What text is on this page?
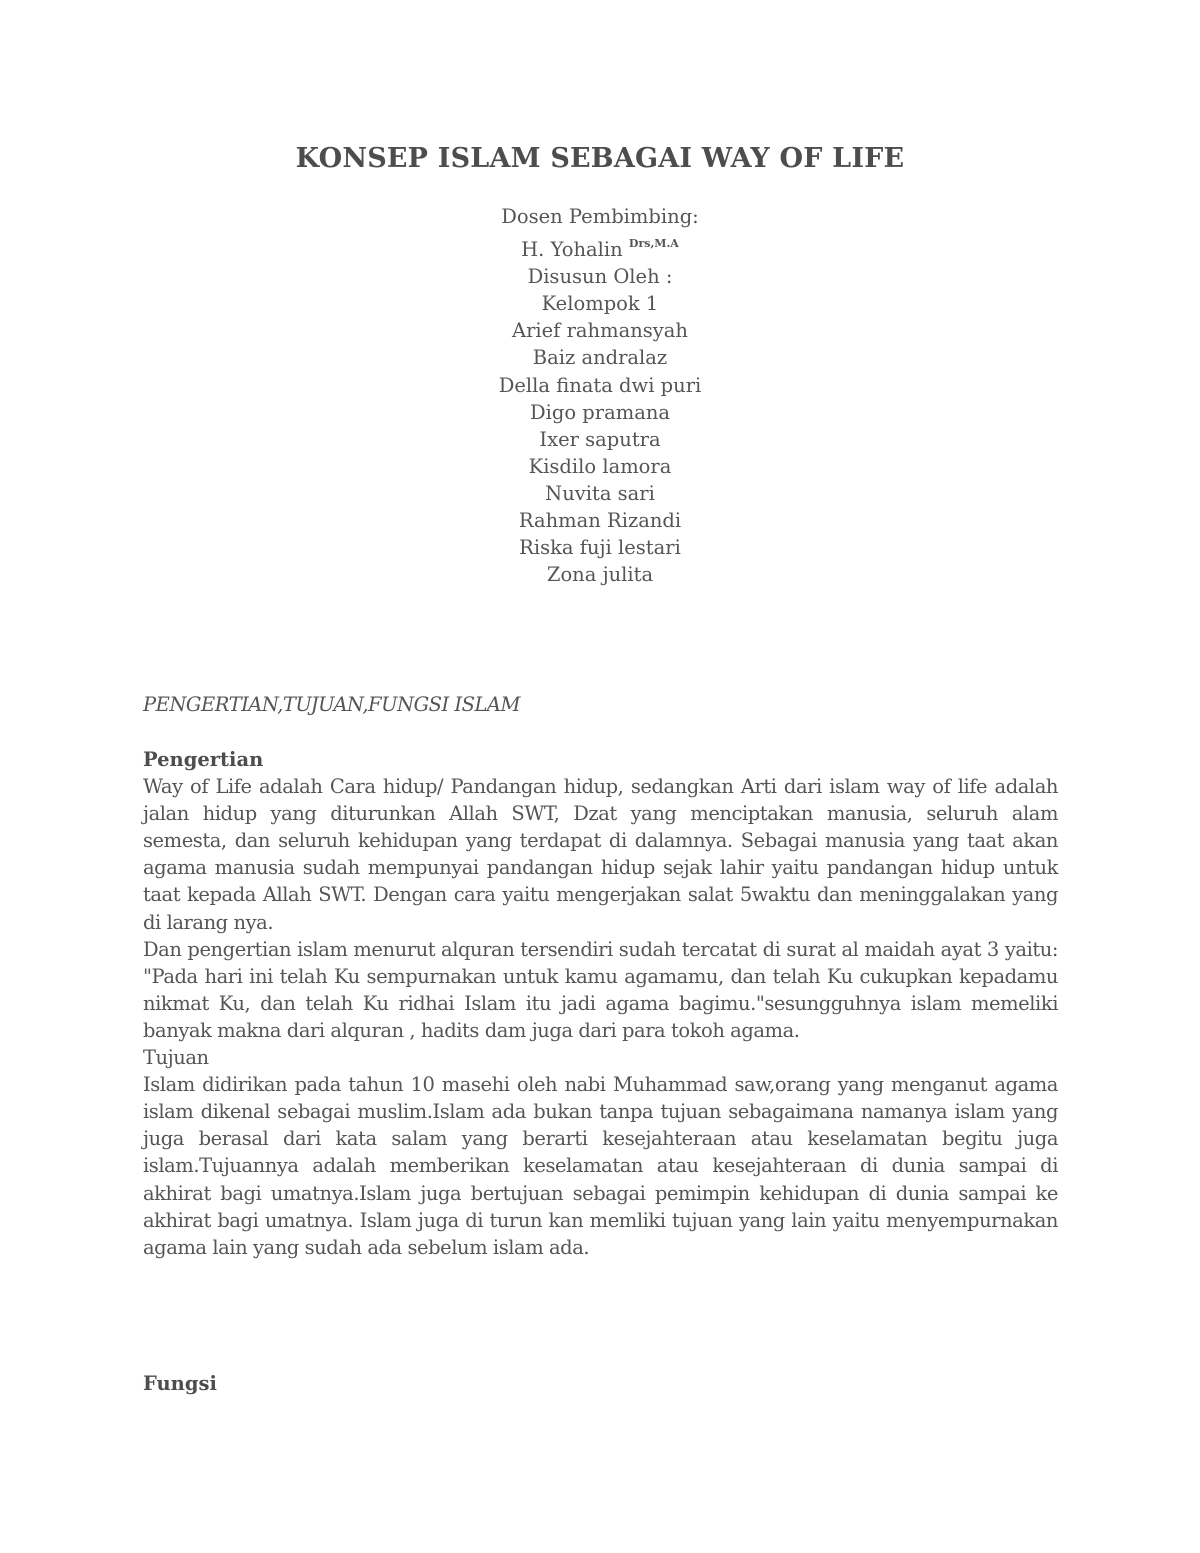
KONSEP ISLAM SEBAGAI WAY OF LIFE
Dosen Pembimbing:
H. Yohalin $^{Drs,M.A}$
Disusun Oleh :
Kelompok 1
Arief rahmansyah
Baiz andralaz
Della finata dwi puri
Digo pramana
Ixer saputra
Kisdilo lamora
Nuvita sari
Rahman Rizandi
Riska fuji lestari
Zona julita
PENGERTIAN,TUJUAN,FUNGSI ISLAM
Pengertian
Way of Life adalah Cara hidup/ Pandangan hidup, sedangkan Arti dari islam way of life adalah jalan hidup yang diturunkan Allah SWT, Dzat yang menciptakan manusia, seluruh alam semesta, dan seluruh kehidupan yang terdapat di dalamnya. Sebagai manusia yang taat akan agama manusia sudah mempunyai pandangan hidup sejak lahir yaitu pandangan hidup untuk taat kepada Allah SWT. Dengan cara yaitu mengerjakan salat 5waktu dan meninggalakan yang di larang nya.
Dan pengertian islam menurut alquran tersendiri sudah tercatat di surat al maidah ayat 3 yaitu: "Pada hari ini telah Ku sempurnakan untuk kamu agamamu, dan telah Ku cukupkan kepadamu nikmat Ku, dan telah Ku ridhai Islam itu jadi agama bagimu."sesungguhnya islam memeliki banyak makna dari alquran , hadits dam juga dari para tokoh agama.
Tujuan
Islam didirikan pada tahun 10 masehi oleh nabi Muhammad saw,orang yang menganut agama islam dikenal sebagai muslim.Islam ada bukan tanpa tujuan sebagaimana namanya islam yang juga berasal dari kata salam yang berarti kesejahteraan atau keselamatan begitu juga islam.Tujuannya adalah memberikan keselamatan atau kesejahteraan di dunia sampai di akhirat bagi umatnya.Islam juga bertujuan sebagai pemimpin kehidupan di dunia sampai ke akhirat bagi umatnya. Islam juga di turun kan memliki tujuan yang lain yaitu menyempurnakan agama lain yang sudah ada sebelum islam ada.
Fungsi
